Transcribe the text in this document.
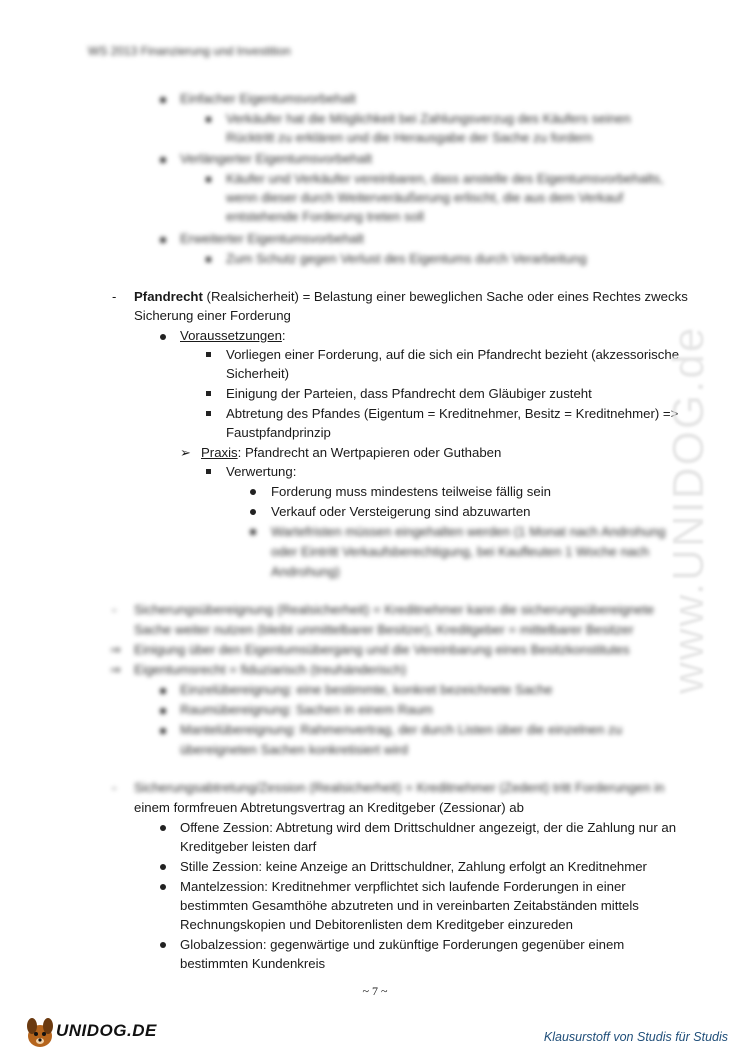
WS 2013 Finanzierung und Investition
Einfacher Eigentumsvorbehalt
Verkäufer hat die Möglichkeit bei Zahlungsverzug des Käufers seinen
Rücktritt zu erklären und die Herausgabe der Sache zu fordern
Verlängerter Eigentumsvorbehalt
Käufer und Verkäufer vereinbaren, dass anstelle des Eigentumsvorbehalts,
wenn dieser durch Weiterveräußerung erlischt, die aus dem Verkauf
entstehende Forderung treten soll
Erweiterter Eigentumsvorbehalt
Zum Schutz gegen Verlust des Eigentums durch Verarbeitung
- Pfandrecht (Realsicherheit) = Belastung einer beweglichen Sache oder eines Rechtes zwecks
Sicherung einer Forderung
Voraussetzungen:
Vorliegen einer Forderung, auf die sich ein Pfandrecht bezieht (akzessorische
Sicherheit)
Einigung der Parteien, dass Pfandrecht dem Gläubiger zusteht
Abtretung des Pfandes (Eigentum = Kreditnehmer, Besitz = Kreditnehmer) =>
Faustpfandprinzip
➢ Praxis: Pfandrecht an Wertpapieren oder Guthaben
Verwertung:
Forderung muss mindestens teilweise fällig sein
Verkauf oder Versteigerung sind abzuwarten
Wartefristen müssen eingehalten werden (1 Monat nach Androhung
oder Eintritt Verkaufsberechtigung, bei Kaufleuten 1 Woche nach
Androhung)
- Sicherungsübereignung (Realsicherheit) = Kreditnehmer kann die sicherungsübereignete
Sache weiter nutzen (bleibt unmittelbarer Besitzer), Kreditgeber = mittelbarer Besitzer
⇒ Einigung über den Eigentumsübergang und die Vereinbarung eines Besitzkonstitutes
⇒ Eigentumsrecht = fiduziarisch (treuhänderisch)
Einzelübereignung: eine bestimmte, konkret bezeichnete Sache
Raumübereignung: Sachen in einem Raum
Mantelübereignung: Rahmenvertrag, der durch Listen über die einzelnen zu
übereigneten Sachen konkretisiert wird
- Sicherungsabtretung/Zession (Realsicherheit) = Kreditnehmer (Zedent) tritt Forderungen in
einem formfreuen Abtretungsvertrag an Kreditgeber (Zessionar) ab
Offene Zession: Abtretung wird dem Drittschuldner angezeigt, der die Zahlung nur an
Kreditgeber leisten darf
Stille Zession: keine Anzeige an Drittschuldner, Zahlung erfolgt an Kreditnehmer
Mantelzession: Kreditnehmer verpflichtet sich laufende Forderungen in einer
bestimmten Gesamthöhe abzutreten und in vereinbarten Zeitabständen mittels
Rechnungskopien und Debitorenlisten dem Kreditgeber einzureden
Globalzession: gegenwärtige und zukünftige Forderungen gegenüber einem
bestimmten Kundenkreis
www.UNIDOG.de
~ 7 ~
UNIDOG.DE	Klausurstoff von Studis für Studis
